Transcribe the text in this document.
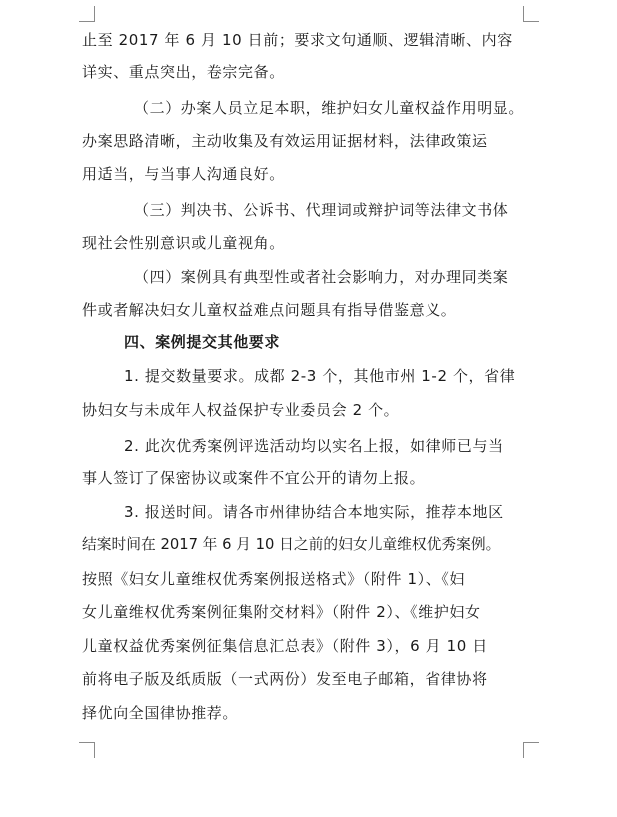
止至 2017 年 6 月 10 日前；要求文句通顺、逻辑清晰、内容
详实、重点突出，卷宗完备。
（二）办案人员立足本职，维护妇女儿童权益作用明显。
办案思路清晰，主动收集及有效运用证据材料，法律政策运
用适当，与当事人沟通良好。
（三）判决书、公诉书、代理词或辩护词等法律文书体
现社会性别意识或儿童视角。
（四）案例具有典型性或者社会影响力，对办理同类案
件或者解决妇女儿童权益难点问题具有指导借鉴意义。
四、案例提交其他要求
1. 提交数量要求。成都 2-3 个，其他市州 1-2 个，省律
协妇女与未成年人权益保护专业委员会 2 个。
2. 此次优秀案例评选活动均以实名上报，如律师已与当
事人签订了保密协议或案件不宜公开的请勿上报。
3. 报送时间。请各市州律协结合本地实际，推荐本地区
结案时间在 2017 年 6 月 10 日之前的妇女儿童维权优秀案例。
按照《妇女儿童维权优秀案例报送格式》（附件 1）、《妇
女儿童维权优秀案例征集附交材料》（附件 2）、《维护妇女
儿童权益优秀案例征集信息汇总表》（附件 3），6 月 10 日
前将电子版及纸质版（一式两份）发至电子邮箱，省律协将
择优向全国律协推荐。
